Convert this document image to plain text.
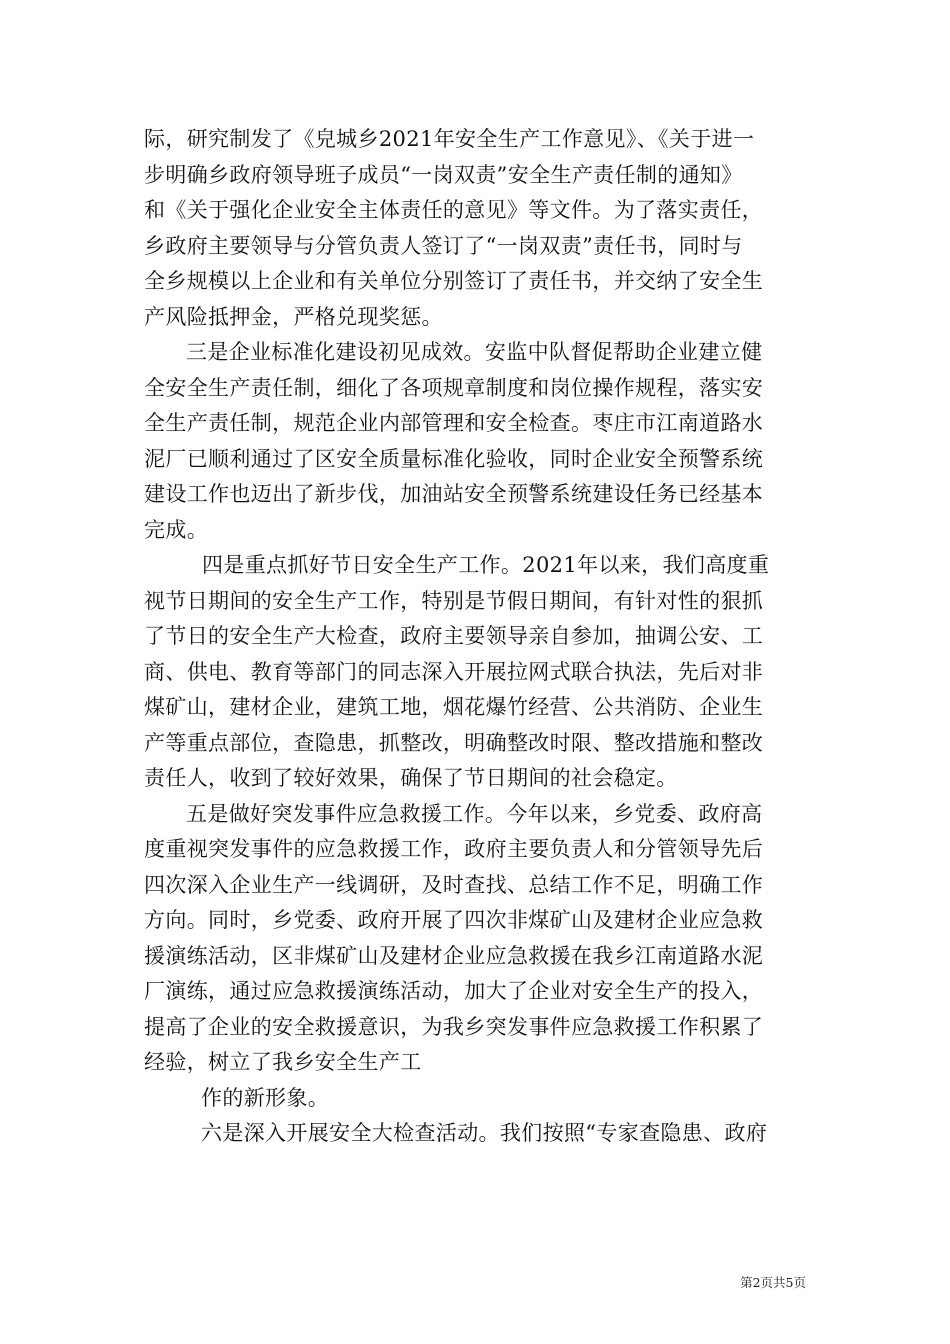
际，研究制发了《皃城乡2021年安全生产工作意见》、《关于进一
步明确乡政府领导班子成员“一岗双责”安全生产责任制的通知》
和《关于强化企业安全主体责任的意见》等文件。为了落实责任，
乡政府主要领导与分管负责人签订了“一岗双责”责任书，同时与
全乡规模以上企业和有关单位分别签订了责任书，并交纳了安全生
产风险抵押金，严格兑现奖惩。
三是企业标准化建设初见成效。安监中队督促帮助企业建立健
全安全生产责任制，细化了各项规章制度和岗位操作规程，落实安
全生产责任制，规范企业内部管理和安全检查。枣庄市江南道路水
泥厂已顺利通过了区安全质量标准化验收，同时企业安全预警系统
建设工作也迈出了新步伐，加油站安全预警系统建设任务已经基本
完成。
四是重点抓好节日安全生产工作。2021年以来，我们高度重
视节日期间的安全生产工作，特别是节假日期间，有针对性的狠抓
了节日的安全生产大检查，政府主要领导亲自参加，抽调公安、工
商、供电、教育等部门的同志深入开展拉网式联合执法，先后对非
煤矿山，建材企业，建筑工地，烟花爆竹经营、公共消防、企业生
产等重点部位，查隐患，抓整改，明确整改时限、整改措施和整改
责任人，收到了较好效果，确保了节日期间的社会稳定。
五是做好突发事件应急救援工作。今年以来，乡党委、政府高
度重视突发事件的应急救援工作，政府主要负责人和分管领导先后
四次深入企业生产一线调研，及时查找、总结工作不足，明确工作
方向。同时，乡党委、政府开展了四次非煤矿山及建材企业应急救
援演练活动，区非煤矿山及建材企业应急救援在我乡江南道路水泥
厂演练，通过应急救援演练活动，加大了企业对安全生产的投入，
提高了企业的安全救援意识，为我乡突发事件应急救援工作积累了
经验，树立了我乡安全生产工
作的新形象。
六是深入开展安全大检查活动。我们按照“专家查隐患、政府
第2页共5页
